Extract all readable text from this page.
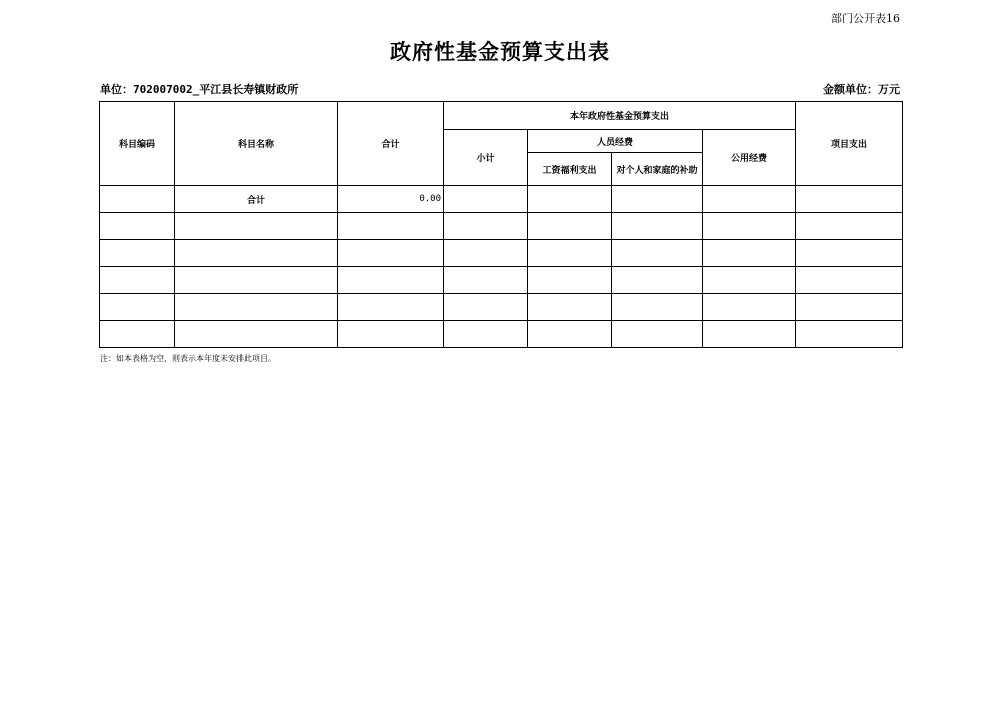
部门公开表16
政府性基金预算支出表
单位：702007002_平江县长寿镇财政所	金额单位：万元
科目编码	科目名称	合计	本年政府性基金预算支出				项目支出
			小计	人员经费		公用经费	
				工资福利支出	对个人和家庭的补助		
	合计	0.00					

注：如本表格为空，则表示本年度未安排此项目。
